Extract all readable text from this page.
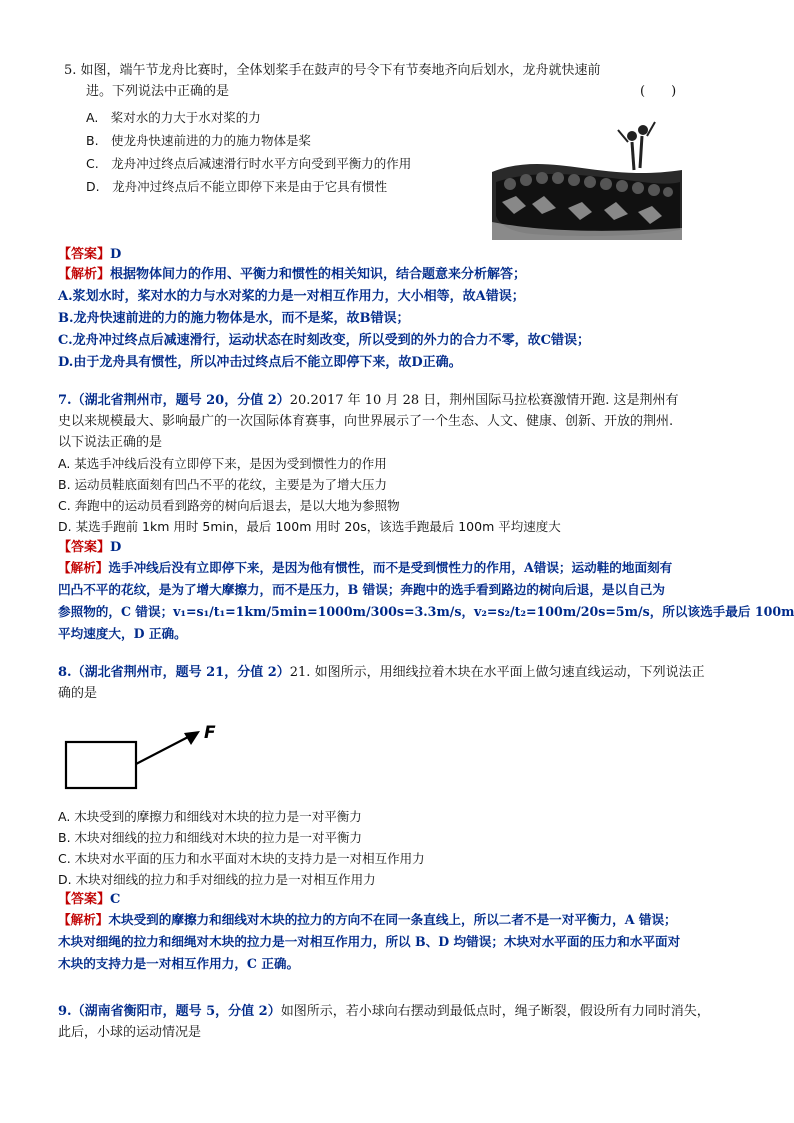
5. 如图，端午节龙舟比赛时，全体划桨手在鼓声的号令下有节奏地齐向后划水，龙舟就快速前
进。下列说法中正确的是	(　　)
A.　桨对水的力大于水对桨的力
B.　使龙舟快速前进的力的施力物体是桨
C.　龙舟冲过终点后减速滑行时水平方向受到平衡力的作用
D.　龙舟冲过终点后不能立即停下来是由于它具有惯性
【答案】D
【解析】根据物体间力的作用、平衡力和惯性的相关知识，结合题意来分析解答；
A.浆划水时，桨对水的力与水对桨的力是一对相互作用力，大小相等，故A错误；
B.龙舟快速前进的力的施力物体是水，而不是桨，故B错误；
C.龙舟冲过终点后减速滑行，运动状态在时刻改变，所以受到的外力的合力不零，故C错误；
D.由于龙舟具有惯性，所以冲击过终点后不能立即停下来，故D正确。
7.（湖北省荆州市，题号 20，分值 2）20.2017 年 10 月 28 日，荆州国际马拉松赛激情开跑. 这是荆州有
史以来规模最大、影响最广的一次国际体育赛事，向世界展示了一个生态、人文、健康、创新、开放的荆州.
以下说法正确的是
A. 某选手冲线后没有立即停下来，是因为受到惯性力的作用
B. 运动员鞋底面刻有凹凸不平的花纹，主要是为了增大压力
C. 奔跑中的运动员看到路旁的树向后退去，是以大地为参照物
D. 某选手跑前 1km 用时 5min，最后 100m 用时 20s，该选手跑最后 100m 平均速度大
【答案】D
【解析】选手冲线后没有立即停下来，是因为他有惯性，而不是受到惯性力的作用，A错误；运动鞋的地面刻有
凹凸不平的花纹，是为了增大摩擦力，而不是压力，B 错误；奔跑中的选手看到路边的树向后退，是以自己为
参照物的，C 错误；v₁=s₁/t₁=1km/5min=1000m/300s=3.3m/s，v₂=s₂/t₂=100m/20s=5m/s，所以该选手最后 100m
平均速度大，D 正确。
8.（湖北省荆州市，题号 21，分值 2）21. 如图所示，用细线拉着木块在水平面上做匀速直线运动，下列说法正
确的是
F
A. 木块受到的摩擦力和细线对木块的拉力是一对平衡力
B. 木块对细线的拉力和细线对木块的拉力是一对平衡力
C. 木块对水平面的压力和水平面对木块的支持力是一对相互作用力
D. 木块对细线的拉力和手对细线的拉力是一对相互作用力
【答案】C
【解析】木块受到的摩擦力和细线对木块的拉力的方向不在同一条直线上，所以二者不是一对平衡力，A 错误；
木块对细绳的拉力和细绳对木块的拉力是一对相互作用力，所以 B、D 均错误；木块对水平面的压力和水平面对
木块的支持力是一对相互作用力，C 正确。
9.（湖南省衡阳市，题号 5，分值 2）如图所示，若小球向右摆动到最低点时，绳子断裂，假设所有力同时消失，
此后，小球的运动情况是
